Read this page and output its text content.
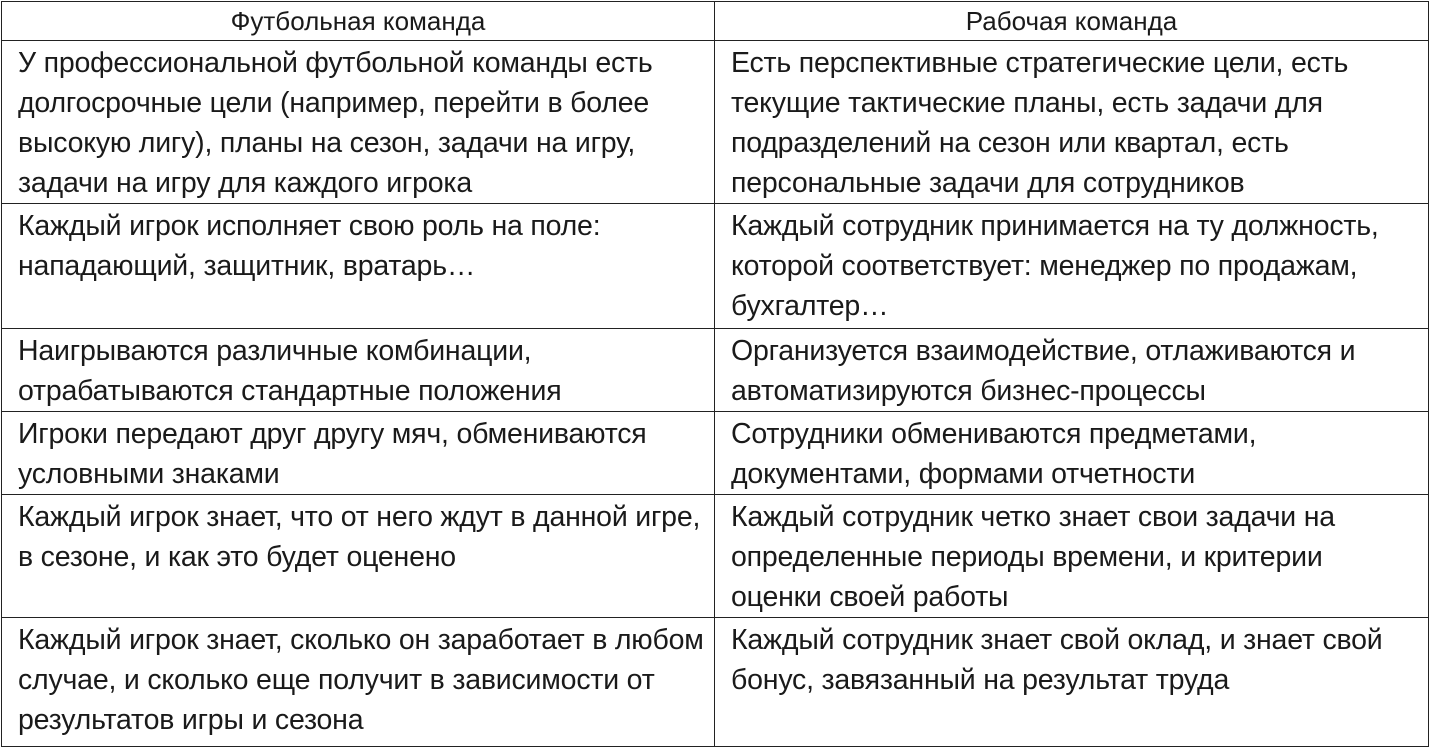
Футбольная команда	Рабочая команда
У профессиональной футбольной команды есть долгосрочные цели (например, перейти в более высокую лигу), планы на сезон, задачи на игру, задачи на игру для каждого игрока	Есть перспективные стратегические цели, есть текущие тактические планы, есть задачи для подразделений на сезон или квартал, есть персональные задачи для сотрудников
Каждый игрок исполняет свою роль на поле: нападающий, защитник, вратарь…	Каждый сотрудник принимается на ту должность, которой соответствует: менеджер по продажам, бухгалтер…
Наигрываются различные комбинации, отрабатываются стандартные положения	Организуется взаимодействие, отлаживаются и автоматизируются бизнес-процессы
Игроки передают друг другу мяч, обмениваются условными знаками	Сотрудники обмениваются предметами, документами, формами отчетности
Каждый игрок знает, что от него ждут в данной игре, в сезоне, и как это будет оценено	Каждый сотрудник четко знает свои задачи на определенные периоды времени, и критерии оценки своей работы
Каждый игрок знает, сколько он заработает в любом случае, и сколько еще получит в зависимости от результатов игры и сезона	Каждый сотрудник знает свой оклад, и знает свой бонус, завязанный на результат труда
